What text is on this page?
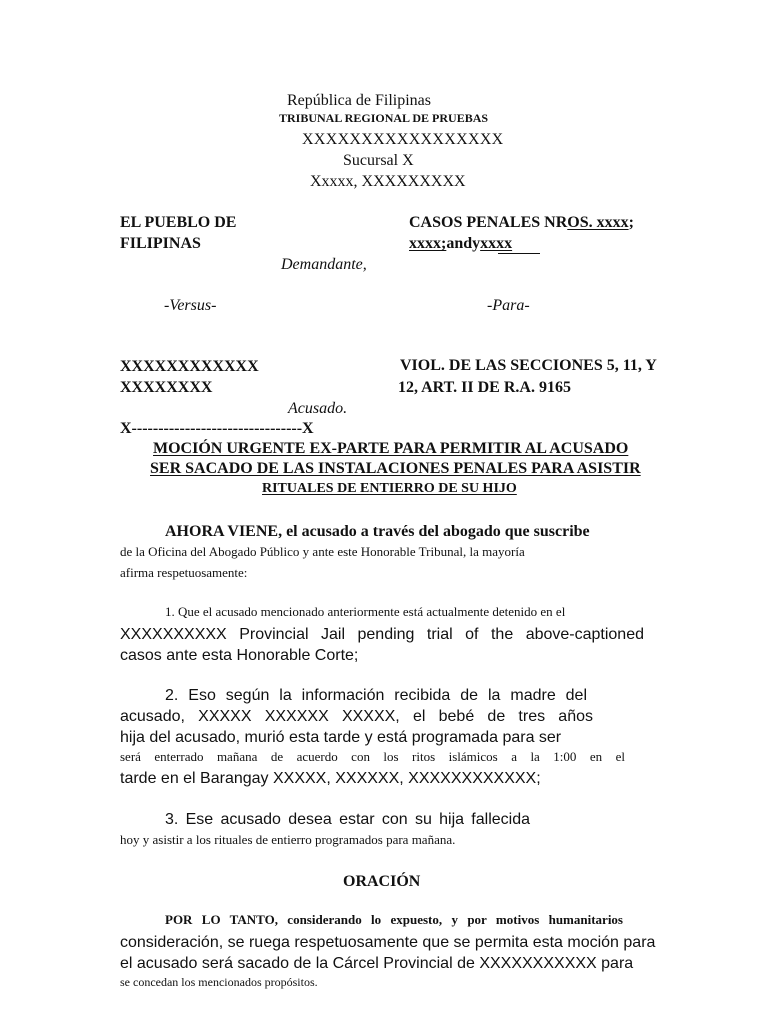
República de Filipinas
TRIBUNAL REGIONAL DE PRUEBAS
XXXXXXXXXXXXXXXXX
Sucursal X
Xxxxx, XXXXXXXXX
EL PUEBLO DE
FILIPINAS
Demandante,
CASOS PENALES NROS. xxxx;
xxxx;andyxxxx
-Versus-	-Para-
XXXXXXXXXXXX
XXXXXXXX
VIOL. DE LAS SECCIONES 5, 11, Y
12, ART. II DE R.A. 9165
Acusado.
X--------------------------------X
MOCIÓN URGENTE EX-PARTE PARA PERMITIR AL ACUSADO
SER SACADO DE LAS INSTALACIONES PENALES PARA ASISTIR
RITUALES DE ENTIERRO DE SU HIJO
AHORA VIENE, el acusado a través del abogado que suscribe
de la Oficina del Abogado Público y ante este Honorable Tribunal, la mayoría
afirma respetuosamente:
1. Que el acusado mencionado anteriormente está actualmente detenido en el
XXXXXXXXXX Provincial Jail pending trial of the above-captioned
casos ante esta Honorable Corte;
2. Eso según la información recibida de la madre del
acusado, XXXXX XXXXXX XXXXX, el bebé de tres años
hija del acusado, murió esta tarde y está programada para ser
será enterrado mañana de acuerdo con los ritos islámicos a la 1:00 en el
tarde en el Barangay XXXXX, XXXXXX, XXXXXXXXXXXX;
3. Ese acusado desea estar con su hija fallecida
hoy y asistir a los rituales de entierro programados para mañana.
ORACIÓN
POR LO TANTO, considerando lo expuesto, y por motivos humanitarios
consideración, se ruega respetuosamente que se permita esta moción para
el acusado será sacado de la Cárcel Provincial de XXXXXXXXXXX para
se concedan los mencionados propósitos.
